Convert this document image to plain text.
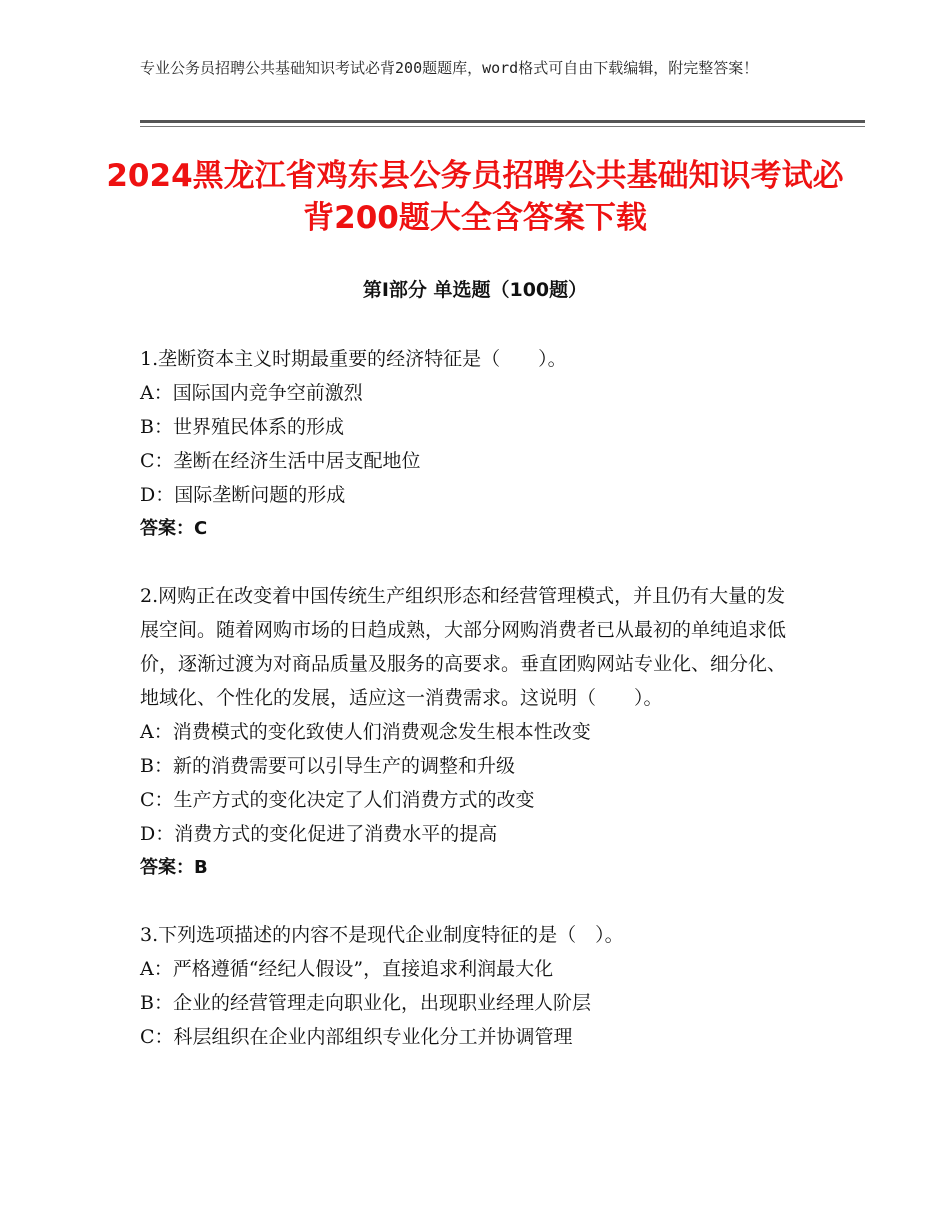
专业公务员招聘公共基础知识考试必背200题题库，word格式可自由下载编辑，附完整答案！
2024黑龙江省鸡东县公务员招聘公共基础知识考试必背200题大全含答案下载
第Ⅰ部分 单选题（100题）
1.垄断资本主义时期最重要的经济特征是（　　）。
A：国际国内竞争空前激烈
B：世界殖民体系的形成
C：垄断在经济生活中居支配地位
D：国际垄断问题的形成
答案：C
2.网购正在改变着中国传统生产组织形态和经营管理模式，并且仍有大量的发展空间。随着网购市场的日趋成熟，大部分网购消费者已从最初的单纯追求低价，逐渐过渡为对商品质量及服务的高要求。垂直团购网站专业化、细分化、地域化、个性化的发展，适应这一消费需求。这说明（　　）。
A：消费模式的变化致使人们消费观念发生根本性改变
B：新的消费需要可以引导生产的调整和升级
C：生产方式的变化决定了人们消费方式的改变
D：消费方式的变化促进了消费水平的提高
答案：B
3.下列选项描述的内容不是现代企业制度特征的是（　）。
A：严格遵循“经纪人假设”，直接追求利润最大化
B：企业的经营管理走向职业化，出现职业经理人阶层
C：科层组织在企业内部组织专业化分工并协调管理
